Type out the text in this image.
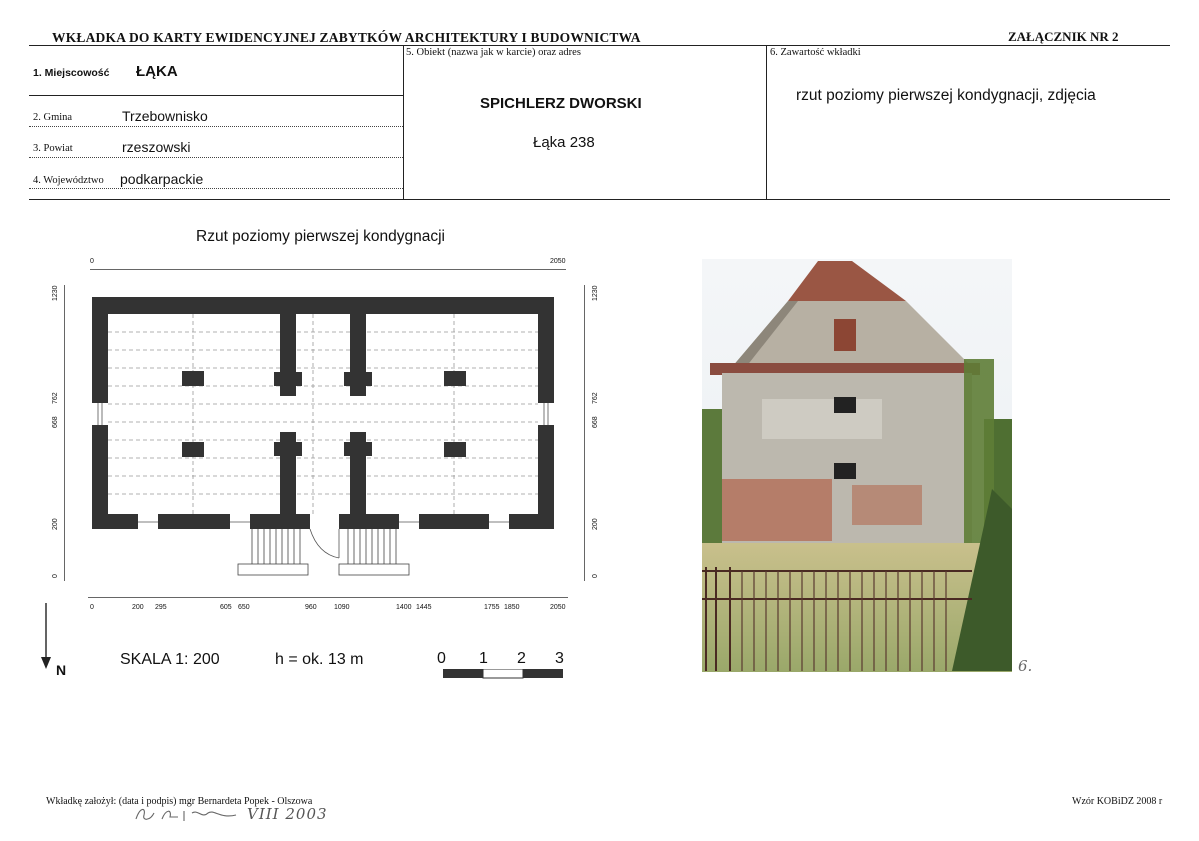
WKŁADKA DO KARTY EWIDENCYJNEJ ZABYTKÓW ARCHITEKTURY I BUDOWNICTWA	ZAŁĄCZNIK NR 2
1. Miejscowość ŁĄKA
2. Gmina	Trzebownisko
3. Powiat	rzeszowski
4. Województwo podkarpackie
5. Obiekt (nazwa jak w karcie) oraz adres
SPICHLERZ DWORSKI
Łąka 238
6. Zawartość wkładki
rzut poziomy pierwszej kondygnacji, zdjęcia
Rzut poziomy pierwszej kondygnacji
0	2050
0	200 295	605 650	960 1090	1400 1445	1755 1850	2050
1230
762
668
200
0
1230
762
668
200
0
N
SKALA 1: 200	h = ok. 13 m	0 1 2 3	6.
Wkładkę założył: (data i podpis) mgr Bernardeta Popek - Olszowa
VIII 2003
Wzór KOBiDZ 2008 r
